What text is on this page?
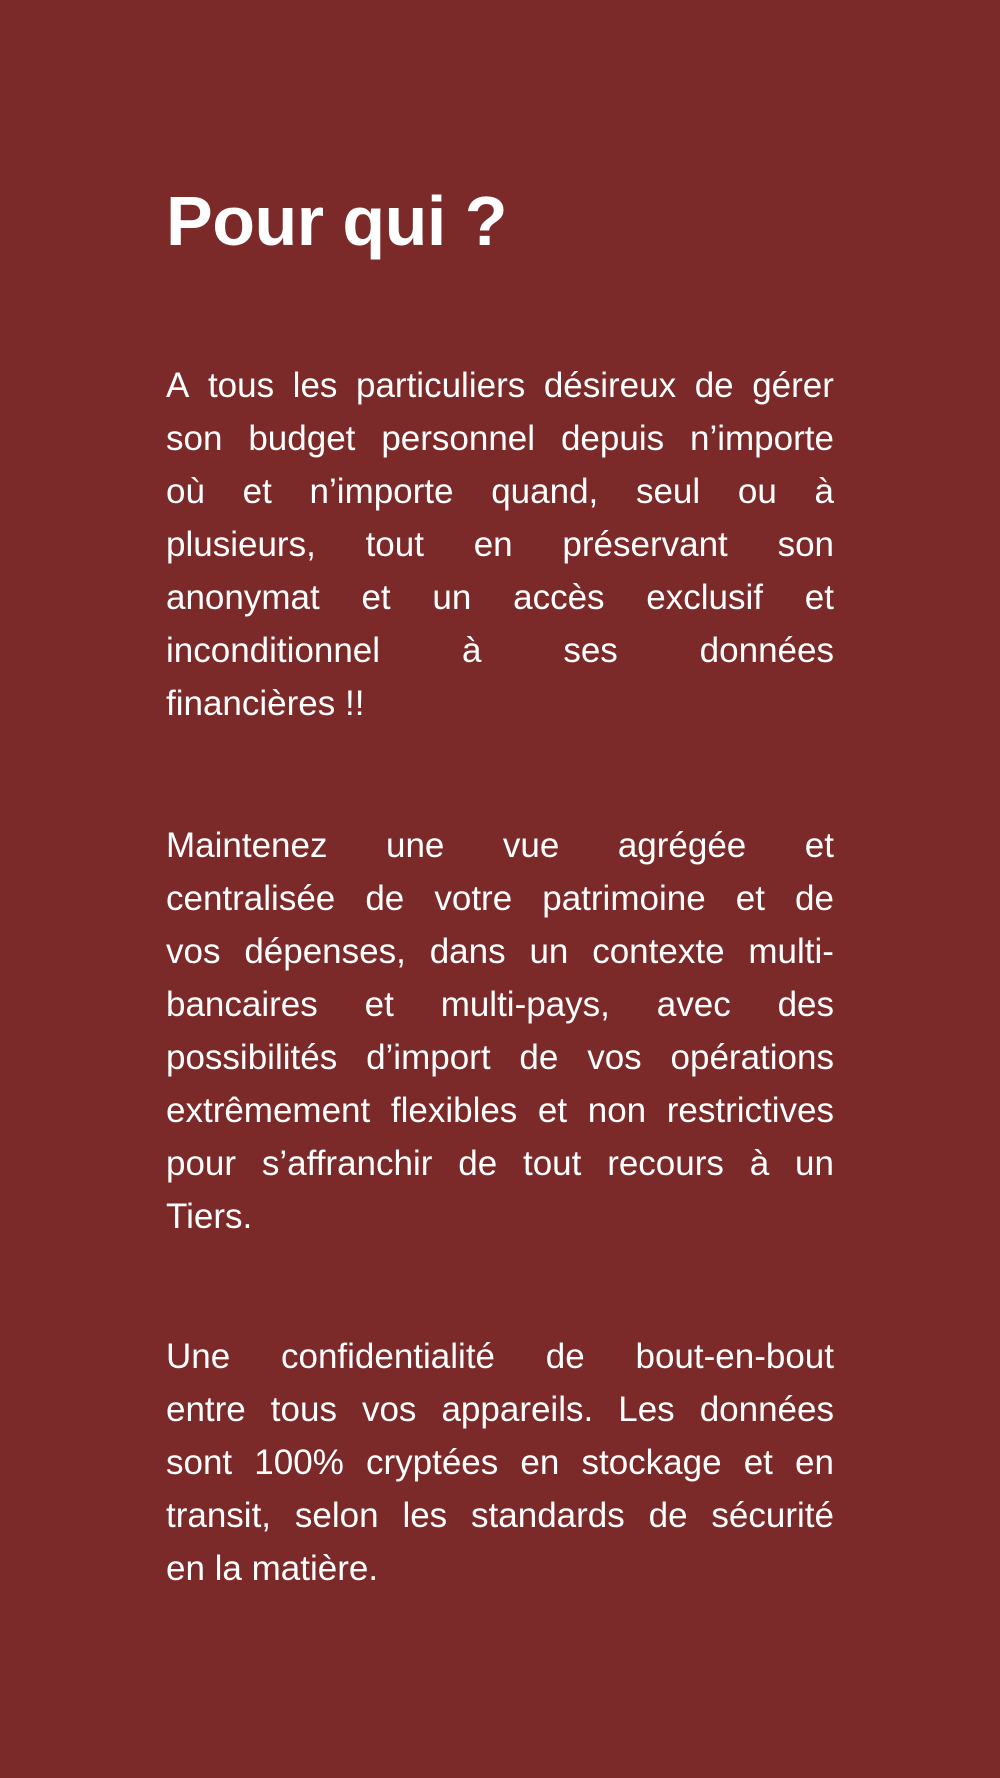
Pour qui ?
A tous les particuliers désireux de gérer
son budget personnel depuis n’importe
où et n’importe quand, seul ou à
plusieurs, tout en préservant son
anonymat et un accès exclusif et
inconditionnel à ses données
financières !!
Maintenez une vue agrégée et
centralisée de votre patrimoine et de
vos dépenses, dans un contexte multi-
bancaires et multi-pays, avec des
possibilités d’import de vos opérations
extrêmement flexibles et non restrictives
pour s’affranchir de tout recours à un
Tiers.
Une confidentialité de bout-en-bout
entre tous vos appareils. Les données
sont 100% cryptées en stockage et en
transit, selon les standards de sécurité
en la matière.
